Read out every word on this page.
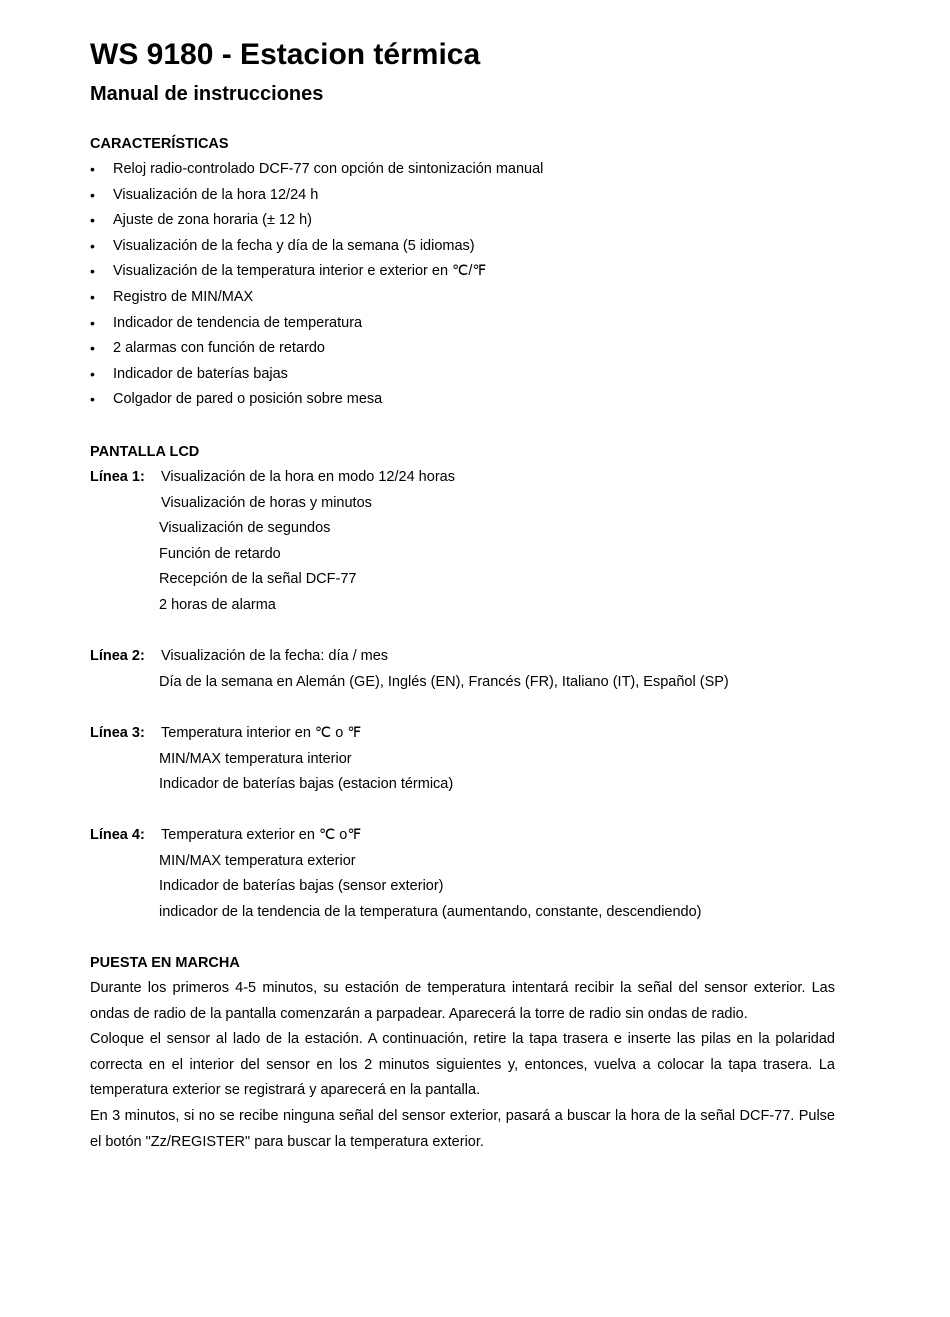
WS 9180 - Estacion térmica
Manual de instrucciones
CARACTERÍSTICAS
• Reloj radio-controlado DCF-77 con opción de sintonización manual
• Visualización de la hora 12/24 h
• Ajuste de zona horaria (± 12 h)
• Visualización de la fecha y día de la semana (5 idiomas)
• Visualización de la temperatura interior e exterior en ℃/℉
• Registro de MIN/MAX
• Indicador de tendencia de temperatura
• 2 alarmas con función de retardo
• Indicador de baterías bajas
• Colgador de pared o posición sobre mesa
PANTALLA LCD
Línea 1: Visualización de la hora en modo 12/24 horas
Visualización de horas y minutos
Visualización de segundos
Función de retardo
Recepción de la señal DCF-77
2 horas de alarma
Línea 2: Visualización de la fecha: día / mes
Día de la semana en Alemán (GE), Inglés (EN), Francés (FR), Italiano (IT), Español (SP)
Línea 3: Temperatura interior en ℃ o ℉
MIN/MAX temperatura interior
Indicador de baterías bajas (estacion térmica)
Línea 4: Temperatura exterior en ℃ o℉
MIN/MAX temperatura exterior
Indicador de baterías bajas (sensor exterior)
indicador de la tendencia de la temperatura (aumentando, constante, descendiendo)
PUESTA EN MARCHA

Durante los primeros 4-5 minutos, su estación de temperatura intentará recibir la señal del sensor exterior. Las ondas de radio de la pantalla comenzarán a parpadear. Aparecerá la torre de radio sin ondas de radio.

Coloque el sensor al lado de la estación. A continuación, retire la tapa trasera e inserte las pilas en la polaridad correcta en el interior del sensor en los 2 minutos siguientes y, entonces, vuelva a colocar la tapa trasera. La temperatura exterior se registrará y aparecerá en la pantalla.

En 3 minutos, si no se recibe ninguna señal del sensor exterior, pasará a buscar la hora de la señal DCF-77. Pulse el botón "Zz/REGISTER" para buscar la temperatura exterior.
